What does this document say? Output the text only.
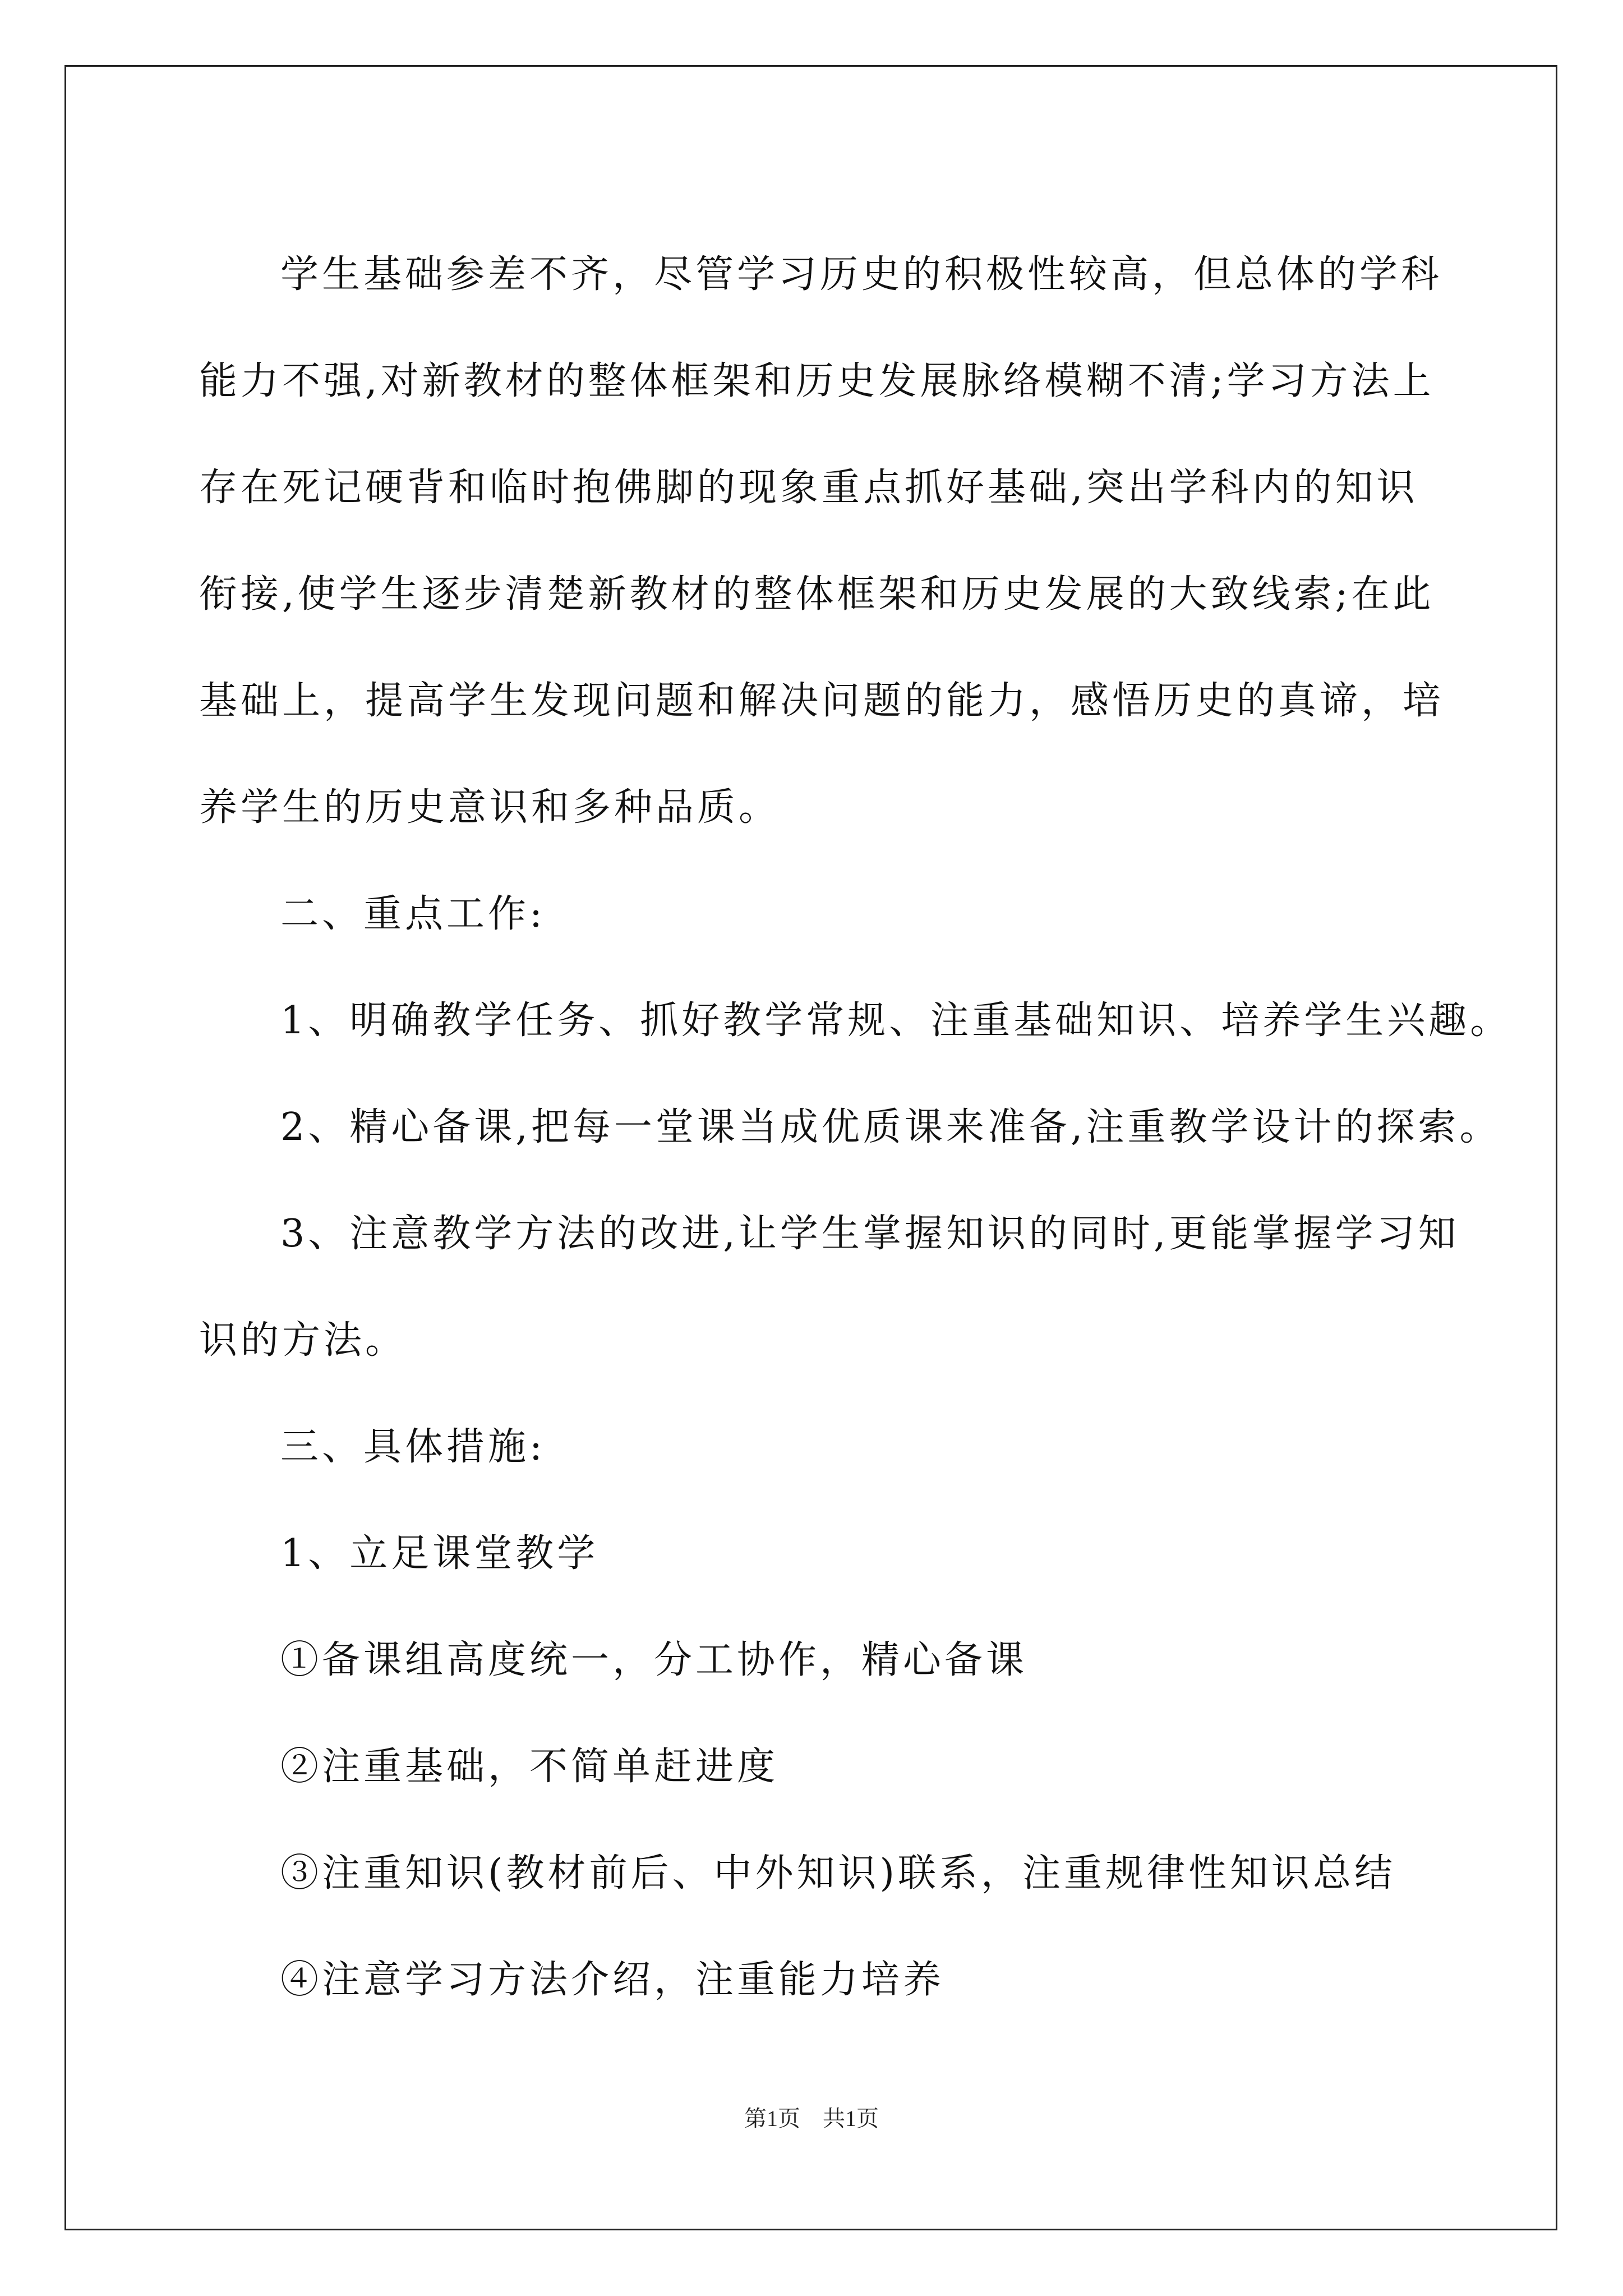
学生基础参差不齐，尽管学习历史的积极性较高，但总体的学科

能力不强,对新教材的整体框架和历史发展脉络模糊不清;学习方法上

存在死记硬背和临时抱佛脚的现象重点抓好基础,突出学科内的知识

衔接,使学生逐步清楚新教材的整体框架和历史发展的大致线索;在此

基础上，提高学生发现问题和解决问题的能力，感悟历史的真谛，培

养学生的历史意识和多种品质。

二、重点工作:

1、明确教学任务、抓好教学常规、注重基础知识、培养学生兴趣。

2、精心备课,把每一堂课当成优质课来准备,注重教学设计的探索。

3、注意教学方法的改进,让学生掌握知识的同时,更能掌握学习知

识的方法。

三、具体措施:

1、立足课堂教学

①备课组高度统一，分工协作，精心备课

②注重基础，不简单赶进度

③注重知识(教材前后、中外知识)联系，注重规律性知识总结

④注意学习方法介绍，注重能力培养

第1页　共1页
